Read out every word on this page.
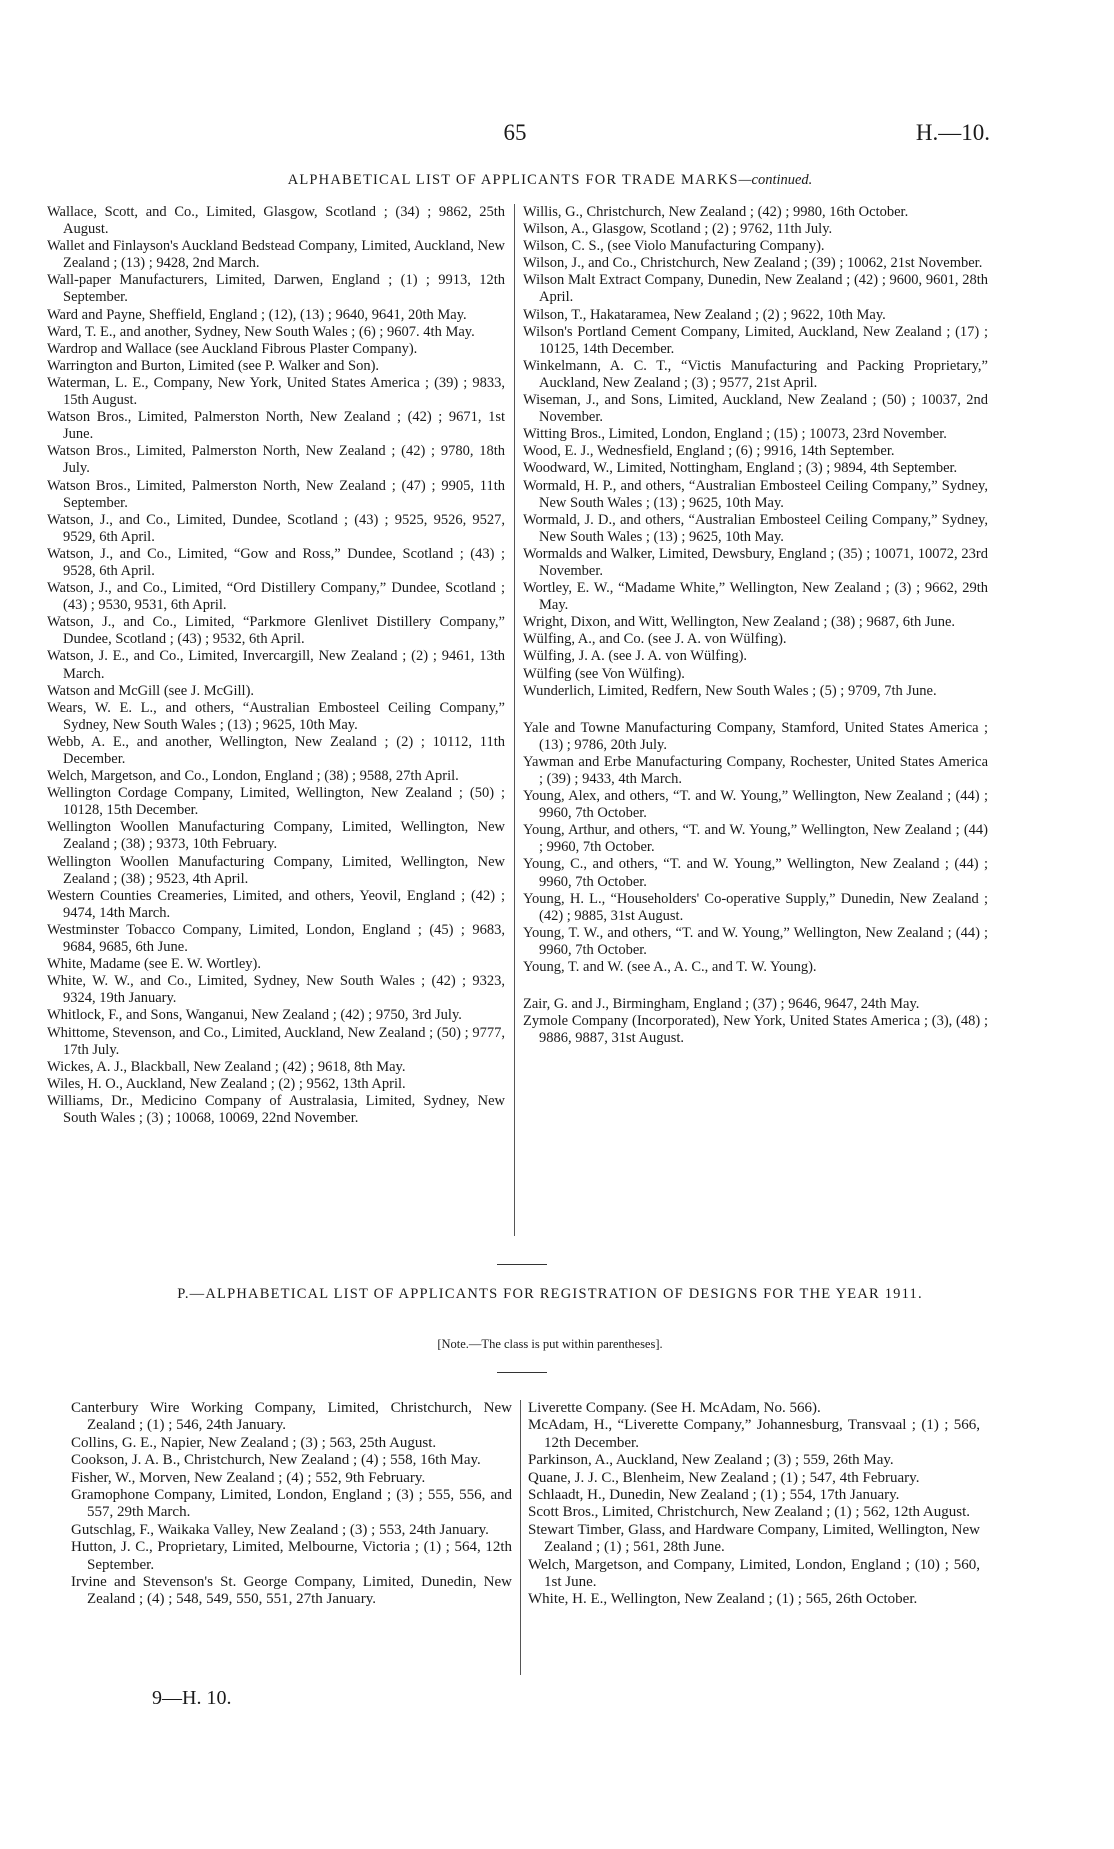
65	H.—10.
ALPHABETICAL LIST OF APPLICANTS FOR TRADE MARKS—continued.

Wallace, Scott, and Co., Limited, Glasgow, Scotland ; (34) ; 9862, 25th August.

Wallet and Finlayson's Auckland Bedstead Company, Limited, Auckland, New Zealand ; (13) ; 9428, 2nd March.

Wall-paper Manufacturers, Limited, Darwen, England ; (1) ; 9913, 12th September.

Ward and Payne, Sheffield, England ; (12), (13) ; 9640, 9641, 20th May.

Ward, T. E., and another, Sydney, New South Wales ; (6) ; 9607. 4th May.

Wardrop and Wallace (see Auckland Fibrous Plaster Company).

Warrington and Burton, Limited (see P. Walker and Son).

Waterman, L. E., Company, New York, United States America ; (39) ; 9833, 15th August.

Watson Bros., Limited, Palmerston North, New Zealand ; (42) ; 9671, 1st June.

Watson Bros., Limited, Palmerston North, New Zealand ; (42) ; 9780, 18th July.

Watson Bros., Limited, Palmerston North, New Zealand ; (47) ; 9905, 11th September.

Watson, J., and Co., Limited, Dundee, Scotland ; (43) ; 9525, 9526, 9527, 9529, 6th April.

Watson, J., and Co., Limited, “Gow and Ross,” Dundee, Scotland ; (43) ; 9528, 6th April.

Watson, J., and Co., Limited, “Ord Distillery Company,” Dundee, Scotland ; (43) ; 9530, 9531, 6th April.

Watson, J., and Co., Limited, “Parkmore Glenlivet Distillery Company,” Dundee, Scotland ; (43) ; 9532, 6th April.

Watson, J. E., and Co., Limited, Invercargill, New Zealand ; (2) ; 9461, 13th March.

Watson and McGill (see J. McGill).

Wears, W. E. L., and others, “Australian Embosteel Ceiling Company,” Sydney, New South Wales ; (13) ; 9625, 10th May.

Webb, A. E., and another, Wellington, New Zealand ; (2) ; 10112, 11th December.

Welch, Margetson, and Co., London, England ; (38) ; 9588, 27th April.

Wellington Cordage Company, Limited, Wellington, New Zealand ; (50) ; 10128, 15th December.

Wellington Woollen Manufacturing Company, Limited, Wellington, New Zealand ; (38) ; 9373, 10th February.

Wellington Woollen Manufacturing Company, Limited, Wellington, New Zealand ; (38) ; 9523, 4th April.

Western Counties Creameries, Limited, and others, Yeovil, England ; (42) ; 9474, 14th March.

Westminster Tobacco Company, Limited, London, England ; (45) ; 9683, 9684, 9685, 6th June.

White, Madame (see E. W. Wortley).

White, W. W., and Co., Limited, Sydney, New South Wales ; (42) ; 9323, 9324, 19th January.

Whitlock, F., and Sons, Wanganui, New Zealand ; (42) ; 9750, 3rd July.

Whittome, Stevenson, and Co., Limited, Auckland, New Zealand ; (50) ; 9777, 17th July.

Wickes, A. J., Blackball, New Zealand ; (42) ; 9618, 8th May.

Wiles, H. O., Auckland, New Zealand ; (2) ; 9562, 13th April.

Williams, Dr., Medicino Company of Australasia, Limited, Sydney, New South Wales ; (3) ; 10068, 10069, 22nd November.

Willis, G., Christchurch, New Zealand ; (42) ; 9980, 16th October.

Wilson, A., Glasgow, Scotland ; (2) ; 9762, 11th July.

Wilson, C. S., (see Violo Manufacturing Company).

Wilson, J., and Co., Christchurch, New Zealand ; (39) ; 10062, 21st November.

Wilson Malt Extract Company, Dunedin, New Zealand ; (42) ; 9600, 9601, 28th April.

Wilson, T., Hakataramea, New Zealand ; (2) ; 9622, 10th May.

Wilson's Portland Cement Company, Limited, Auckland, New Zealand ; (17) ; 10125, 14th December.

Winkelmann, A. C. T., “Victis Manufacturing and Packing Proprietary,” Auckland, New Zealand ; (3) ; 9577, 21st April.

Wiseman, J., and Sons, Limited, Auckland, New Zealand ; (50) ; 10037, 2nd November.

Witting Bros., Limited, London, England ; (15) ; 10073, 23rd November.

Wood, E. J., Wednesfield, England ; (6) ; 9916, 14th September.

Woodward, W., Limited, Nottingham, England ; (3) ; 9894, 4th September.

Wormald, H. P., and others, “Australian Embosteel Ceiling Company,” Sydney, New South Wales ; (13) ; 9625, 10th May.

Wormald, J. D., and others, “Australian Embosteel Ceiling Company,” Sydney, New South Wales ; (13) ; 9625, 10th May.

Wormalds and Walker, Limited, Dewsbury, England ; (35) ; 10071, 10072, 23rd November.

Wortley, E. W., “Madame White,” Wellington, New Zealand ; (3) ; 9662, 29th May.

Wright, Dixon, and Witt, Wellington, New Zealand ; (38) ; 9687, 6th June.

Wülfing, A., and Co. (see J. A. von Wülfing).

Wülfing, J. A. (see J. A. von Wülfing).

Wülfing (see Von Wülfing).

Wunderlich, Limited, Redfern, New South Wales ; (5) ; 9709, 7th June.

Yale and Towne Manufacturing Company, Stamford, United States America ; (13) ; 9786, 20th July.

Yawman and Erbe Manufacturing Company, Rochester, United States America ; (39) ; 9433, 4th March.

Young, Alex, and others, “T. and W. Young,” Wellington, New Zealand ; (44) ; 9960, 7th October.

Young, Arthur, and others, “T. and W. Young,” Wellington, New Zealand ; (44) ; 9960, 7th October.

Young, C., and others, “T. and W. Young,” Wellington, New Zealand ; (44) ; 9960, 7th October.

Young, H. L., “Householders' Co-operative Supply,” Dunedin, New Zealand ; (42) ; 9885, 31st August.

Young, T. W., and others, “T. and W. Young,” Wellington, New Zealand ; (44) ; 9960, 7th October.

Young, T. and W. (see A., A. C., and T. W. Young).

Zair, G. and J., Birmingham, England ; (37) ; 9646, 9647, 24th May.

Zymole Company (Incorporated), New York, United States America ; (3), (48) ; 9886, 9887, 31st August.

P.—ALPHABETICAL LIST OF APPLICANTS FOR REGISTRATION OF DESIGNS FOR THE YEAR 1911.
[Note.—The class is put within parentheses].

Canterbury Wire Working Company, Limited, Christchurch, New Zealand ; (1) ; 546, 24th January.

Collins, G. E., Napier, New Zealand ; (3) ; 563, 25th August.

Cookson, J. A. B., Christchurch, New Zealand ; (4) ; 558, 16th May.

Fisher, W., Morven, New Zealand ; (4) ; 552, 9th February.

Gramophone Company, Limited, London, England ; (3) ; 555, 556, and 557, 29th March.

Gutschlag, F., Waikaka Valley, New Zealand ; (3) ; 553, 24th January.

Hutton, J. C., Proprietary, Limited, Melbourne, Victoria ; (1) ; 564, 12th September.

Irvine and Stevenson's St. George Company, Limited, Dunedin, New Zealand ; (4) ; 548, 549, 550, 551, 27th January.

Liverette Company. (See H. McAdam, No. 566).

McAdam, H., “Liverette Company,” Johannesburg, Transvaal ; (1) ; 566, 12th December.

Parkinson, A., Auckland, New Zealand ; (3) ; 559, 26th May.

Quane, J. J. C., Blenheim, New Zealand ; (1) ; 547, 4th February.

Schlaadt, H., Dunedin, New Zealand ; (1) ; 554, 17th January.

Scott Bros., Limited, Christchurch, New Zealand ; (1) ; 562, 12th August.

Stewart Timber, Glass, and Hardware Company, Limited, Wellington, New Zealand ; (1) ; 561, 28th June.

Welch, Margetson, and Company, Limited, London, England ; (10) ; 560, 1st June.

White, H. E., Wellington, New Zealand ; (1) ; 565, 26th October.

9—H. 10.
